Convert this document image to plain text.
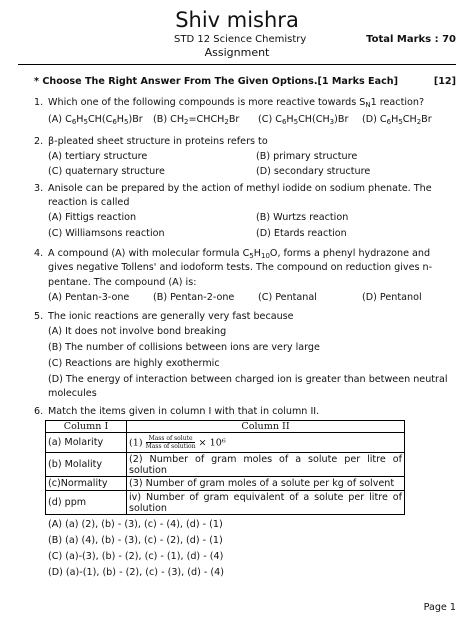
Shiv mishra
STD 12 Science Chemistry	Total Marks : 70
Assignment
* Choose The Right Answer From The Given Options.[1 Marks Each]	[12]
1. Which one of the following compounds is more reactive towards $S_N1$ reaction?
(A) $C_6H_5CH(C_6H_5)Br$ (B) $CH_2=CHCH_2Br$ (C) $C_6H_5CH(CH_3)Br$ (D) $C_6H_5CH_2Br$
2. β-pleated sheet structure in proteins refers to
(A) tertiary structure	(B) primary structure
(C) quaternary structure	(D) secondary structure
3. Anisole can be prepared by the action of methyl iodide on sodium phenate. The
reaction is called
(A) Fittigs reaction	(B) Wurtzs reaction
(C) Williamsons reaction	(D) Etards reaction
4. A compound (A) with molecular formula $C_5H_{10}O$, forms a phenyl hydrazone and
gives negative Tollens' and iodoform tests. The compound on reduction gives n-
pentane. The compound (A) is:
(A) Pentan-3-one (B) Pentan-2-one (C) Pentanal	(D) Pentanol
5. The ionic reactions are generally very fast because
(A) It does not involve bond breaking
(B) The number of collisions between ions are very large
(C) Reactions are highly exothermic
(D) The energy of interaction between charged ion is greater than between neutral
molecules
6. Match the items given in column I with that in column II.
Column I	Column II
(a) Molarity	$(1) \frac{\text{Mass of solute}}{\text{Mass of solution}} \times 10^6$
(b) Molality	(2) Number of gram moles of a solute per litre of solution
(c)Normality	(3) Number of gram moles of a solute per kg of solvent
(d) ppm	iv) Number of gram equivalent of a solute per litre of solution
(A) (a) (2), (b) - (3), (c) - (4), (d) - (1)
(B) (a) (4), (b) - (3), (c) - (2), (d) - (1)
(C) (a)-(3), (b) - (2), (c) - (1), (d) - (4)
(D) (a)-(1), (b) - (2), (c) - (3), (d) - (4)
Page 1
